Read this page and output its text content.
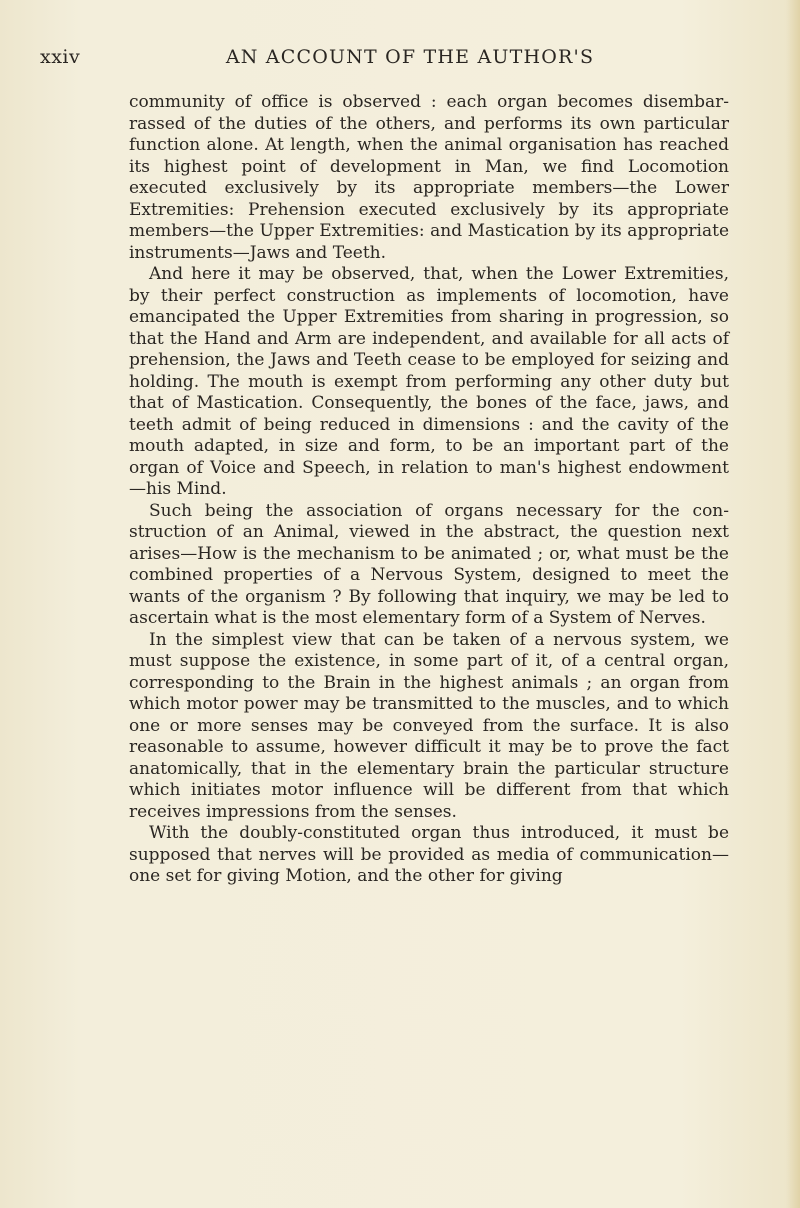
xxiv	AN ACCOUNT OF THE AUTHOR'S

community of office is observed : each organ becomes disembarrassed of the duties of the others, and performs its own particular function alone. At length, when the animal organisation has reached its highest point of development in Man, we find Locomotion executed exclusively by its appropriate members—the Lower Extremities: Prehension executed exclusively by its appropriate members—the Upper Extremities: and Mastication by its appropriate instruments—Jaws and Teeth.

And here it may be observed, that, when the Lower Extremities, by their perfect construction as implements of locomotion, have emancipated the Upper Extremities from sharing in progression, so that the Hand and Arm are independent, and available for all acts of prehension, the Jaws and Teeth cease to be employed for seizing and holding. The mouth is exempt from performing any other duty but that of Mastication. Consequently, the bones of the face, jaws, and teeth admit of being reduced in dimensions : and the cavity of the mouth adapted, in size and form, to be an important part of the organ of Voice and Speech, in relation to man's highest endowment—his Mind.

Such being the association of organs necessary for the construction of an Animal, viewed in the abstract, the question next arises—How is the mechanism to be animated ; or, what must be the combined properties of a Nervous System, designed to meet the wants of the organism ? By following that inquiry, we may be led to ascertain what is the most elementary form of a System of Nerves.

In the simplest view that can be taken of a nervous system, we must suppose the existence, in some part of it, of a central organ, corresponding to the Brain in the highest animals ; an organ from which motor power may be transmitted to the muscles, and to which one or more senses may be conveyed from the surface. It is also reasonable to assume, however difficult it may be to prove the fact anatomically, that in the elementary brain the particular structure which initiates motor influence will be different from that which receives impressions from the senses.

With the doubly-constituted organ thus introduced, it must be supposed that nerves will be provided as media of communication—one set for giving Motion, and the other for giving
